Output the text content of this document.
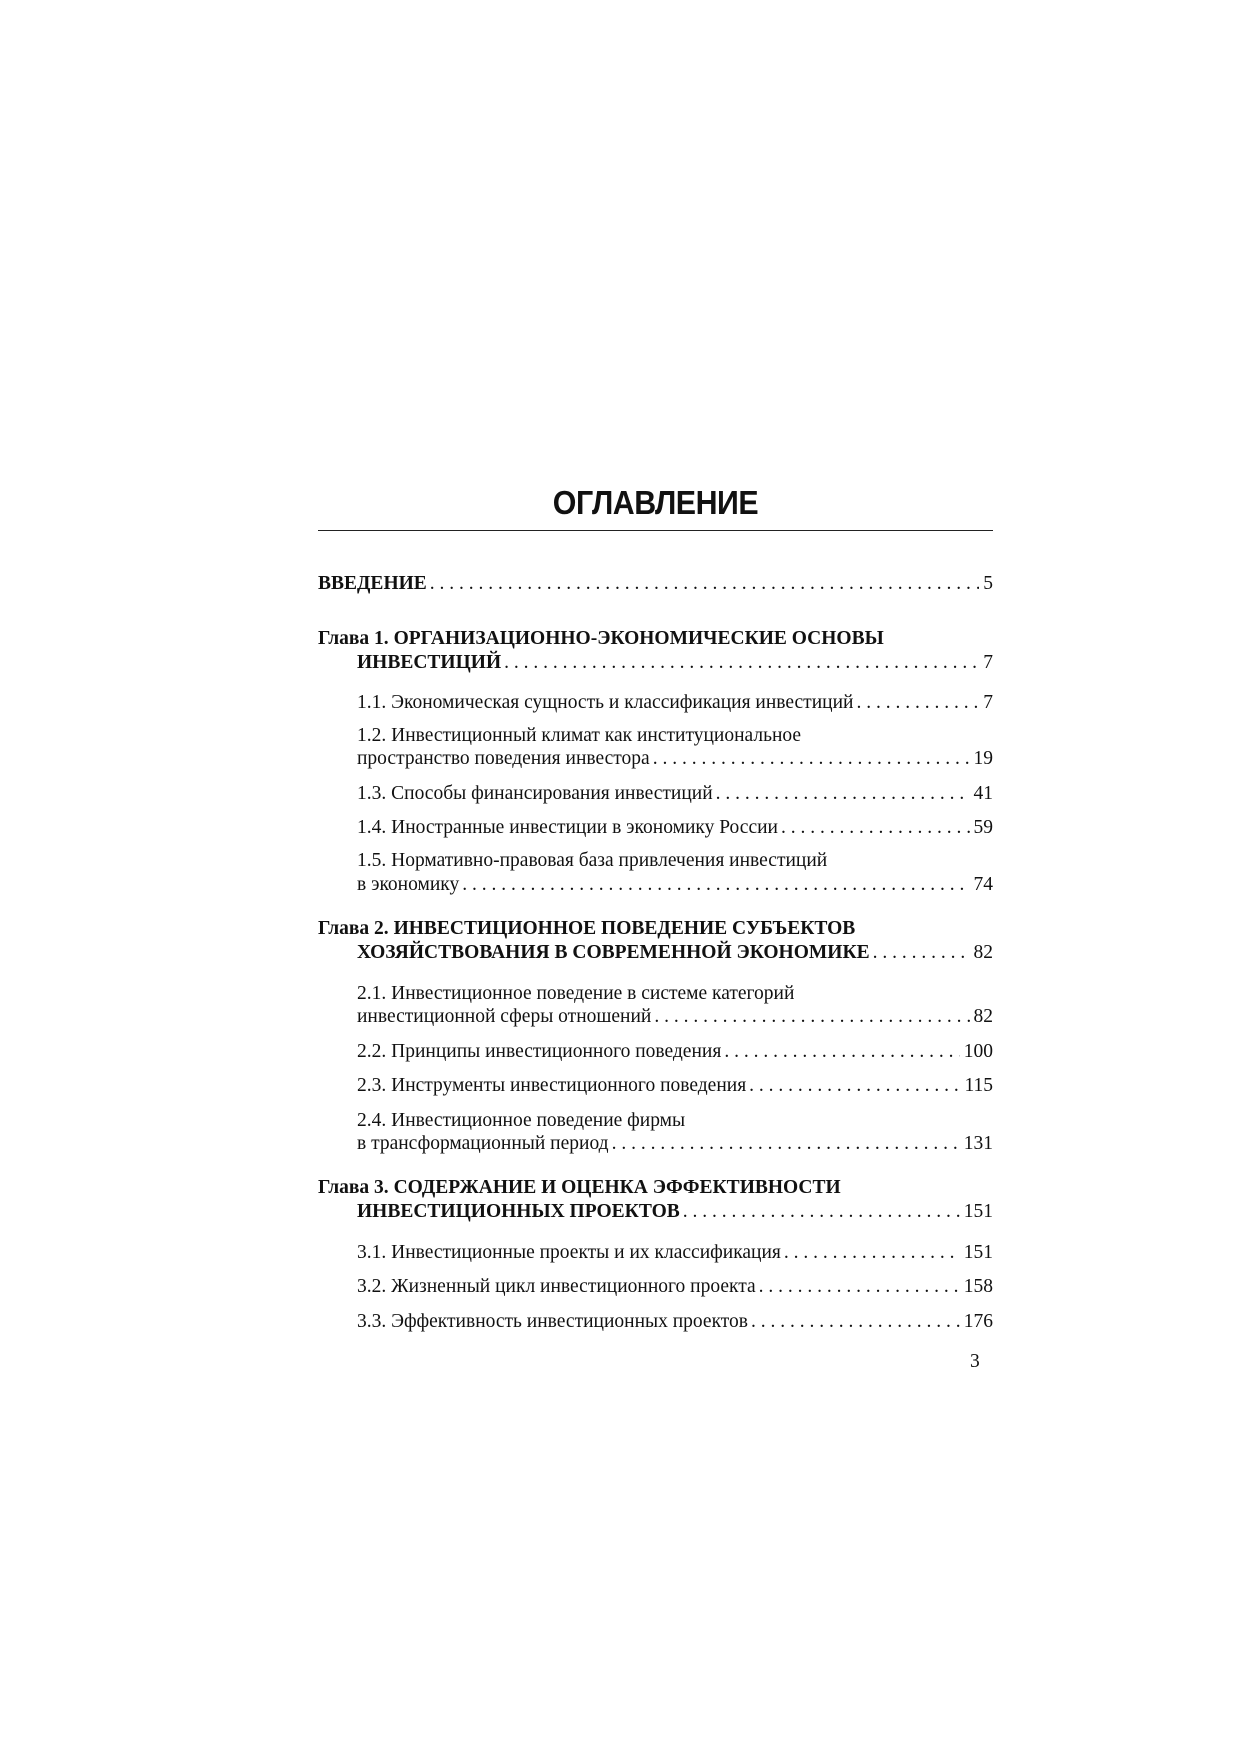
ОГЛАВЛЕНИЕ
ВВЕДЕНИЕ . . .	5
Глава 1. ОРГАНИЗАЦИОННО-ЭКОНОМИЧЕСКИЕ ОСНОВЫ
ИНВЕСТИЦИЙ . . .	7
1.1. Экономическая сущность и классификация инвестиций . . .	7
1.2. Инвестиционный климат как институциональное
пространство поведения инвестора . . .	19
1.3. Способы финансирования инвестиций . . .	41
1.4. Иностранные инвестиции в экономику России . . .	59
1.5. Нормативно-правовая база привлечения инвестиций
в экономику . . .	74
Глава 2. ИНВЕСТИЦИОННОЕ ПОВЕДЕНИЕ СУБЪЕКТОВ
ХОЗЯЙСТВОВАНИЯ В СОВРЕМЕННОЙ ЭКОНОМИКЕ . . .	82
2.1. Инвестиционное поведение в системе категорий
инвестиционной сферы отношений . . .	82
2.2. Принципы инвестиционного поведения . . .	100
2.3. Инструменты инвестиционного поведения . . .	115
2.4. Инвестиционное поведение фирмы
в трансформационный период . . .	131
Глава 3. СОДЕРЖАНИЕ И ОЦЕНКА ЭФФЕКТИВНОСТИ
ИНВЕСТИЦИОННЫХ ПРОЕКТОВ . . .	151
3.1. Инвестиционные проекты и их классификация . . .	151
3.2. Жизненный цикл инвестиционного проекта . . .	158
3.3. Эффективность инвестиционных проектов . . .	176
3
